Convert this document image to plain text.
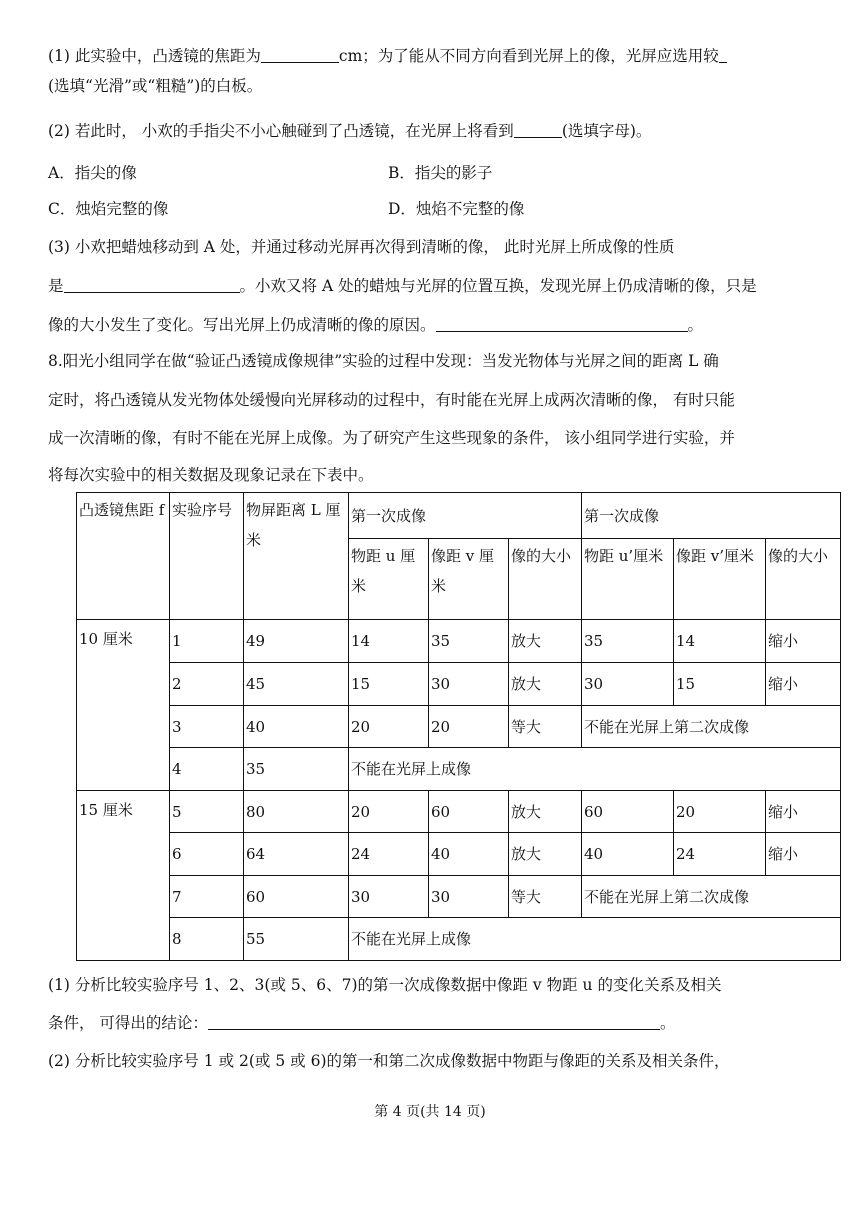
(1) 此实验中，凸透镜的焦距为	cm；为了能从不同方向看到光屏上的像，光屏应选用较
(选填“光滑”或“粗糙”)的白板。
(2) 若此时， 小欢的手指尖不小心触碰到了凸透镜，在光屏上将看到	(选填字母)。
A．指尖的像	B．指尖的影子
C．烛焰完整的像	D．烛焰不完整的像
(3) 小欢把蜡烛移动到 A 处，并通过移动光屏再次得到清晰的像， 此时光屏上所成像的性质
是	。小欢又将 A 处的蜡烛与光屏的位置互换，发现光屏上仍成清晰的像，只是
像的大小发生了变化。写出光屏上仍成清晰的像的原因。	。
8.阳光小组同学在做“验证凸透镜成像规律”实验的过程中发现：当发光物体与光屏之间的距离 L 确
定时，将凸透镜从发光物体处缓慢向光屏移动的过程中，有时能在光屏上成两次清晰的像， 有时只能
成一次清晰的像，有时不能在光屏上成像。为了研究产生这些现象的条件， 该小组同学进行实验，并
将每次实验中的相关数据及现象记录在下表中。
凸透镜焦距 f	实验序号	物屏距离 L 厘米	第一次成像			第一次成像		
			物距 u 厘米	像距 v 厘米	像的大小	物距 u’厘米	像距 v’厘米	像的大小
10 厘米	1	49	14	35	放大	35	14	缩小
	2	45	15	30	放大	30	15	缩小
	3	40	20	20	等大	不能在光屏上第二次成像		
	4	35	不能在光屏上成像					
15 厘米	5	80	20	60	放大	60	20	缩小
	6	64	24	40	放大	40	24	缩小
	7	60	30	30	等大	不能在光屏上第二次成像		
	8	55	不能在光屏上成像					
(1) 分析比较实验序号 1、2、3(或 5、6、7)的第一次成像数据中像距 v 物距 u 的变化关系及相关
条件， 可得出的结论：	。
(2) 分析比较实验序号 1 或 2(或 5 或 6)的第一和第二次成像数据中物距与像距的关系及相关条件，
第 4 页(共 14 页)
